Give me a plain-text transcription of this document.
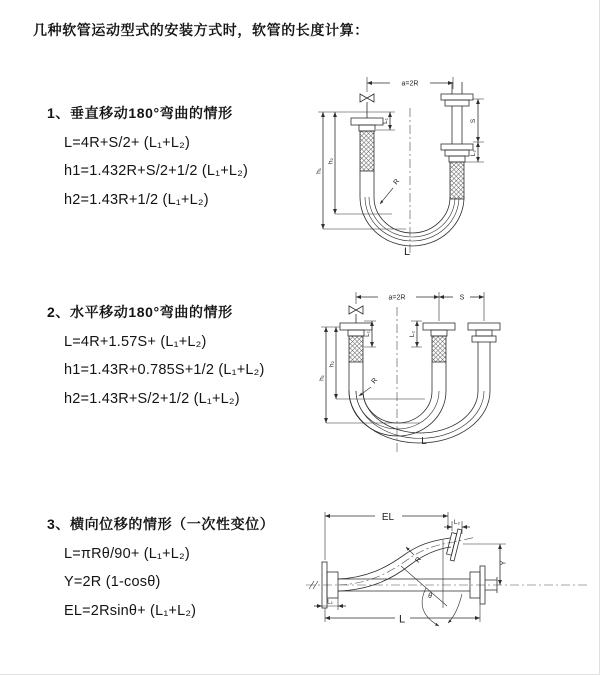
几种软管运动型式的安装方式时，软管的长度计算：
1、垂直移动180°弯曲的情形
L=4R+S/2+ (L₁+L₂)
h1=1.432R+S/2+1/2 (L₁+L₂)
h2=1.43R+1/2 (L₁+L₂)
2、水平移动180°弯曲的情形
L=4R+1.57S+ (L₁+L₂)
h1=1.43R+0.785S+1/2 (L₁+L₂)
h2=1.43R+S/2+1/2 (L₁+L₂)
3、横向位移的情形（一次性变位）
L=πRθ/90+ (L₁+L₂)
Y=2R (1-cosθ)
EL=2Rsinθ+ (L₁+L₂)
a=2R
L₁
h₁
h₂
S
L₂
R
L
a=2R	S
L₁	L₂
h₁
h₂
R
L
θ
R
EL	L₂
Y
L
L₁
